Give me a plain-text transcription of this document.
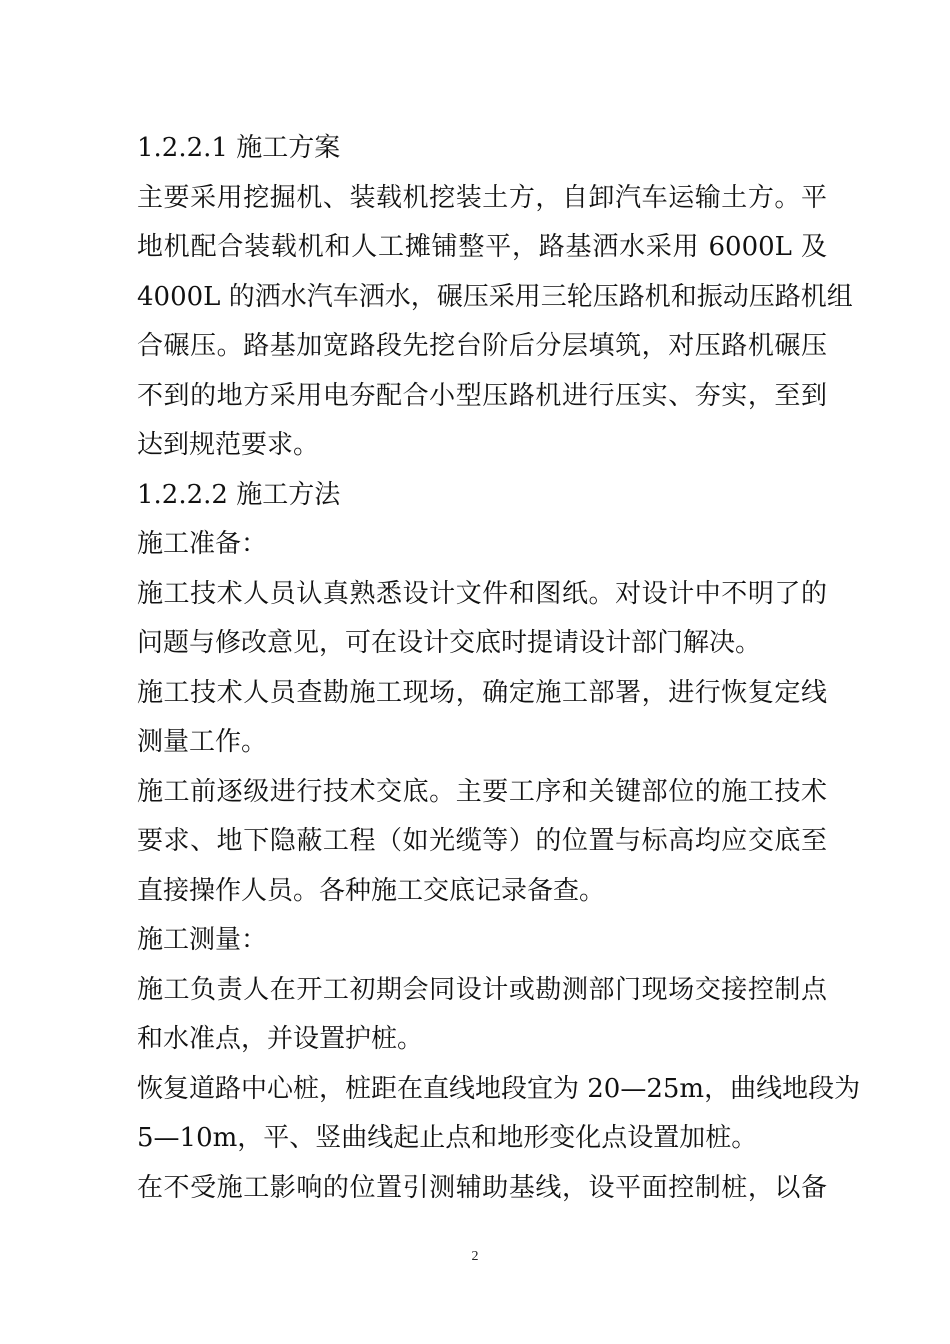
1.2.2.1 施工方案
主要采用挖掘机、装载机挖装土方，自卸汽车运输土方。平
地机配合装载机和人工摊铺整平，路基洒水采用 6000L 及
4000L 的洒水汽车洒水，碾压采用三轮压路机和振动压路机组
合碾压。路基加宽路段先挖台阶后分层填筑，对压路机碾压
不到的地方采用电夯配合小型压路机进行压实、夯实，至到
达到规范要求。
1.2.2.2 施工方法
施工准备：
施工技术人员认真熟悉设计文件和图纸。对设计中不明了的
问题与修改意见，可在设计交底时提请设计部门解决。
施工技术人员查勘施工现场，确定施工部署，进行恢复定线
测量工作。
施工前逐级进行技术交底。主要工序和关键部位的施工技术
要求、地下隐蔽工程（如光缆等）的位置与标高均应交底至
直接操作人员。各种施工交底记录备查。
施工测量：
施工负责人在开工初期会同设计或勘测部门现场交接控制点
和水准点，并设置护桩。
恢复道路中心桩，桩距在直线地段宜为 20—25m，曲线地段为
5—10m，平、竖曲线起止点和地形变化点设置加桩。
在不受施工影响的位置引测辅助基线，设平面控制桩，以备
2
